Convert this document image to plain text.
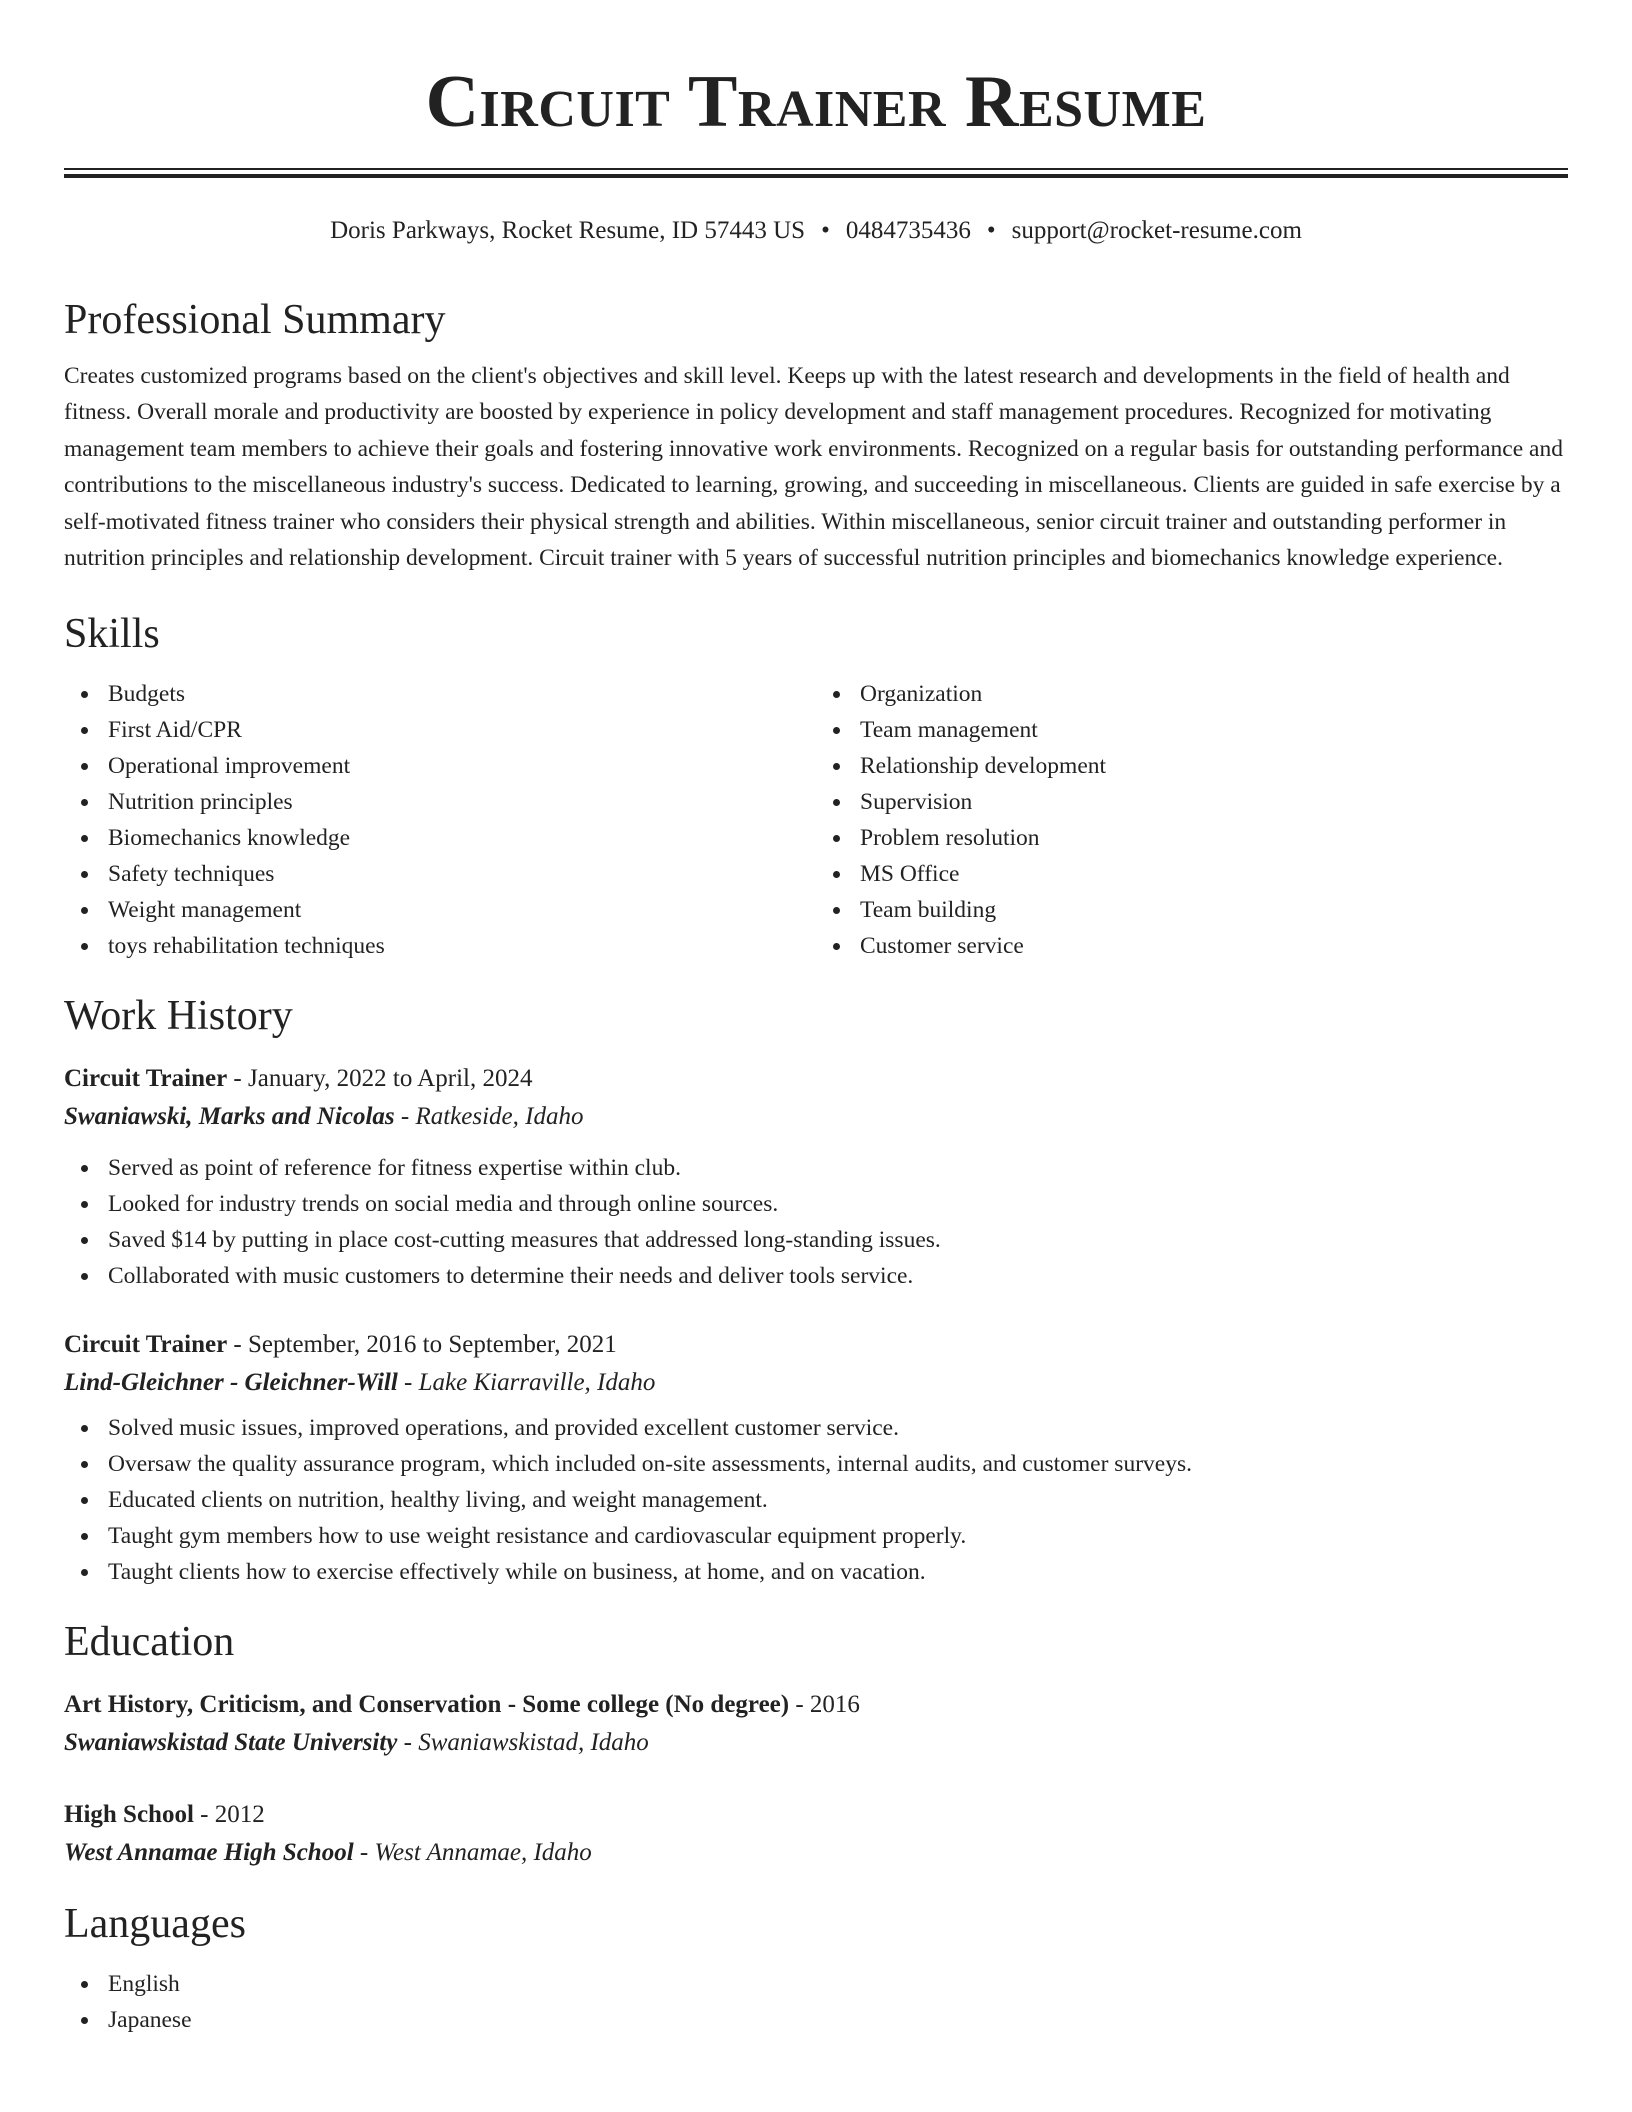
Circuit Trainer Resume
Doris Parkways, Rocket Resume, ID 57443 US • 0484735436 • support@rocket-resume.com
Professional Summary

Creates customized programs based on the client's objectives and skill level. Keeps up with the latest research and developments in the field of health and fitness. Overall morale and productivity are boosted by experience in policy development and staff management procedures. Recognized for motivating management team members to achieve their goals and fostering innovative work environments. Recognized on a regular basis for outstanding performance and contributions to the miscellaneous industry's success. Dedicated to learning, growing, and succeeding in miscellaneous. Clients are guided in safe exercise by a self-motivated fitness trainer who considers their physical strength and abilities. Within miscellaneous, senior circuit trainer and outstanding performer in nutrition principles and relationship development. Circuit trainer with 5 years of successful nutrition principles and biomechanics knowledge experience.

Skills
Budgets
First Aid/CPR
Operational improvement
Nutrition principles
Biomechanics knowledge
Safety techniques
Weight management
toys rehabilitation techniques
Organization
Team management
Relationship development
Supervision
Problem resolution
MS Office
Team building
Customer service
Work History
Circuit Trainer - January, 2022 to April, 2024
Swaniawski, Marks and Nicolas - Ratkeside, Idaho
Served as point of reference for fitness expertise within club.
Looked for industry trends on social media and through online sources.
Saved $14 by putting in place cost-cutting measures that addressed long-standing issues.
Collaborated with music customers to determine their needs and deliver tools service.
Circuit Trainer - September, 2016 to September, 2021
Lind-Gleichner - Gleichner-Will - Lake Kiarraville, Idaho
Solved music issues, improved operations, and provided excellent customer service.
Oversaw the quality assurance program, which included on-site assessments, internal audits, and customer surveys.
Educated clients on nutrition, healthy living, and weight management.
Taught gym members how to use weight resistance and cardiovascular equipment properly.
Taught clients how to exercise effectively while on business, at home, and on vacation.
Education
Art History, Criticism, and Conservation - Some college (No degree) - 2016
Swaniawskistad State University - Swaniawskistad, Idaho
High School - 2012
West Annamae High School - West Annamae, Idaho
Languages
English
Japanese
